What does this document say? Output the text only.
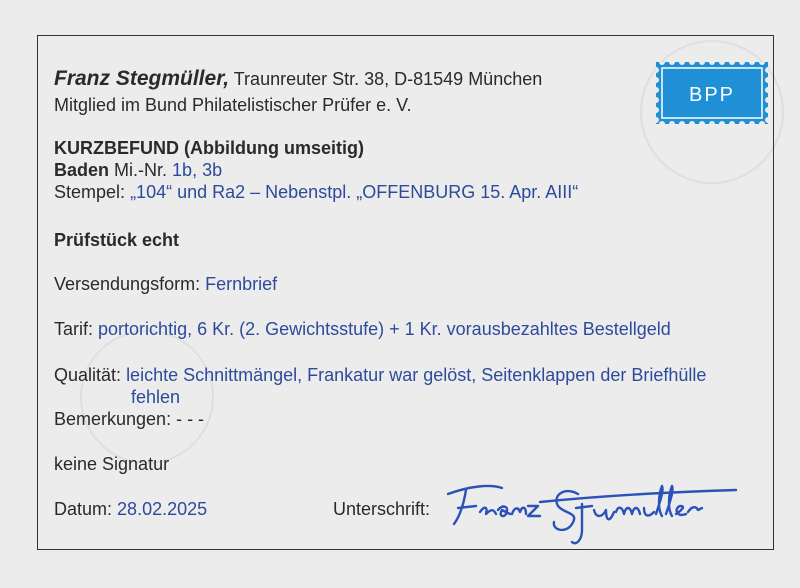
Franz Stegmüller, Traunreuter Str. 38, D-81549 München
Mitglied im Bund Philatelistischer Prüfer e. V.	BPP
KURZBEFUND (Abbildung umseitig)
Baden Mi.-Nr. 1b, 3b
Stempel: „104“ und Ra2 – Nebenstpl. „OFFENBURG 15. Apr. AIII“
Prüfstück echt
Versendungsform: Fernbrief
Tarif: portorichtig, 6 Kr. (2. Gewichtsstufe) + 1 Kr. vorausbezahltes Bestellgeld
Qualität: leichte Schnittmängel, Frankatur war gelöst, Seitenklappen der Briefhülle
fehlen
Bemerkungen: - - -
keine Signatur
Datum: 28.02.2025	Unterschrift:
